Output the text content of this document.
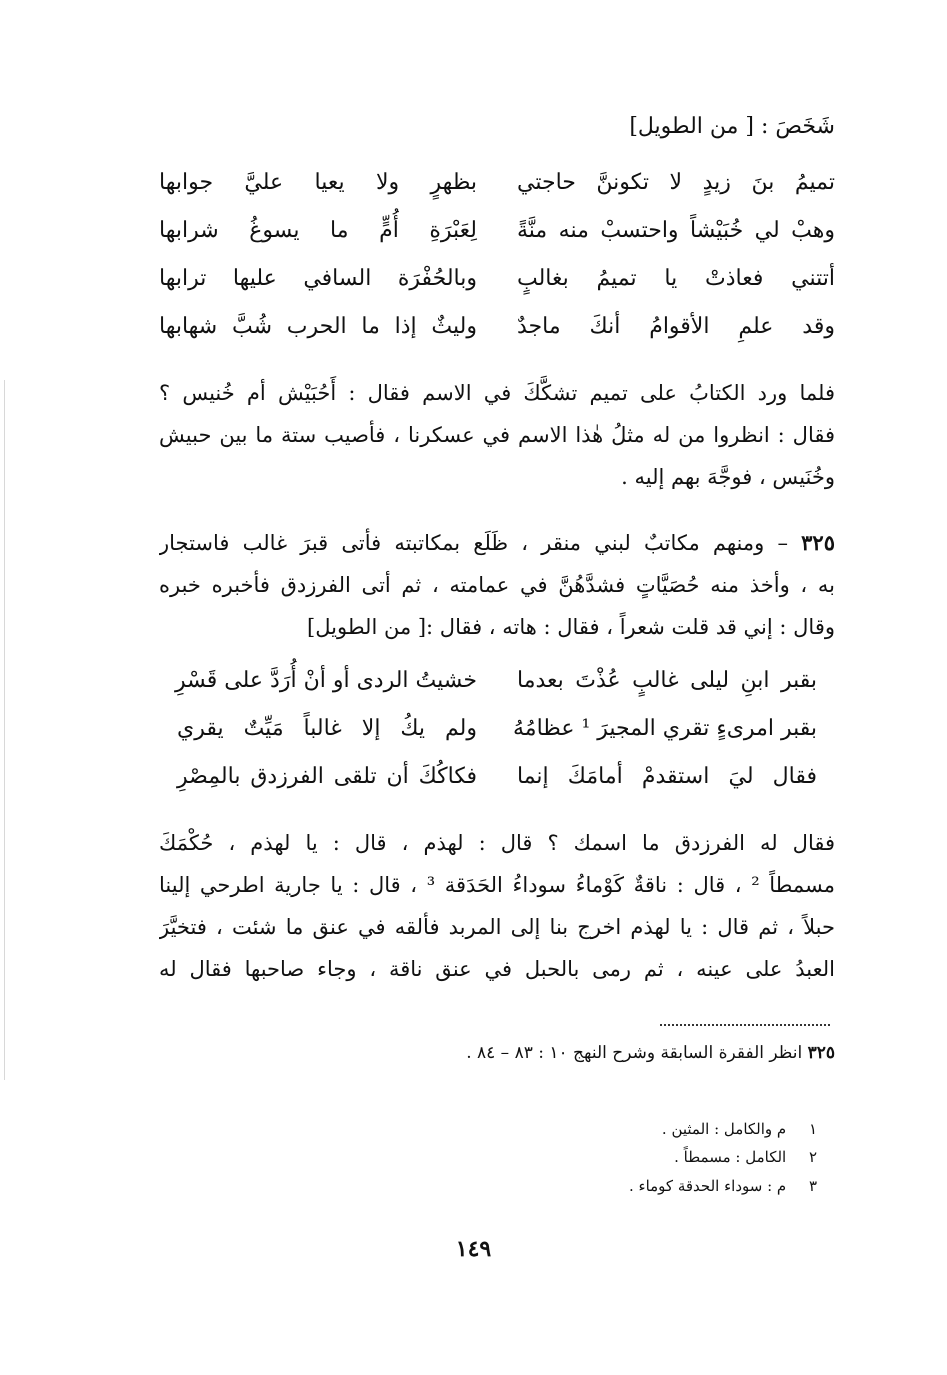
شَخَصَ : [ من الطويل]
تميمُ بنَ زيدٍ لا تكوننَّ حاجتي
بظهرٍ ولا يعيا عليَّ جوابها
وهبْ لي خُبَيْشاً واحتسبْ منه منَّةً
لِعَبْرَةِ أُمٍّ ما يسوغُ شرابها
أتتني فعاذتْ يا تميمُ بغالبٍ
وبالحُفْرَة السافي عليها ترابها
وقد علمِ الأقوامُ أنكَ ماجدٌ
وليثٌ إذا ما الحرب شُبَّ شهابها
فلما ورد الكتابُ على تميم تشكَّكَ في الاسم فقال : أَحُبَيْش أم خُنيس ؟
فقال : انظروا من له مثلُ هٰذا الاسم في عسكرنا ، فأصيب ستة ما بين حبيش
وخُنَيس ، فوجَّهَ بهم إليه .
٣٢٥ – ومنهم مكاتبٌ لبني منقر ، ظَلَع بمكاتبته فأتى قبرَ غالب فاستجار
به ، وأخذ منه حُصَيَّاتٍ فشدَّهُنَّ في عمامته ، ثم أتى الفرزدق فأخبره خبره
وقال : إني قد قلت شعراً ، فقال : هاته ، فقال :[ من الطويل]
بقبر ابنِ ليلى غالبٍ عُذْتَ بعدما
خشيتُ الردى أو أنْ أُرَدَّ على قَسْرِ
بقبر امرىءٍ تقري المجيرَ ¹ عظامُهُ
ولم يكُ إلا غالباً مَيِّتٌ يقري
فقال ليَ استقدمْ أمامَكَ إنما
فكاكُكَ أن تلقى الفرزدق بالمِصْرِ
فقال له الفرزدق ما اسمك ؟ قال : لهذم ، قال : يا لهذم ، حُكْمَكَ
مسمطاً ² ، قال : ناقةٌ كَوْماءُ سوداءُ الحَدَقة ³ ، قال : يا جارية اطرحي إلينا
حبلاً ، ثم قال : يا لهذم اخرج بنا إلى المربد فألقه في عنق ما شئت ، فتخيَّرَ
العبدُ على عينه ، ثم رمى بالحبل في عنق ناقة ، وجاء صاحبها فقال له
٣٢٥ انظر الفقرة السابقة وشرح النهج ١٠ : ٨٣ – ٨٤ .
١ م والكامل : المثين .
٢ الكامل : مسمطاً .
٣ م : سوداء الحدقة كوماء .
١٤٩
